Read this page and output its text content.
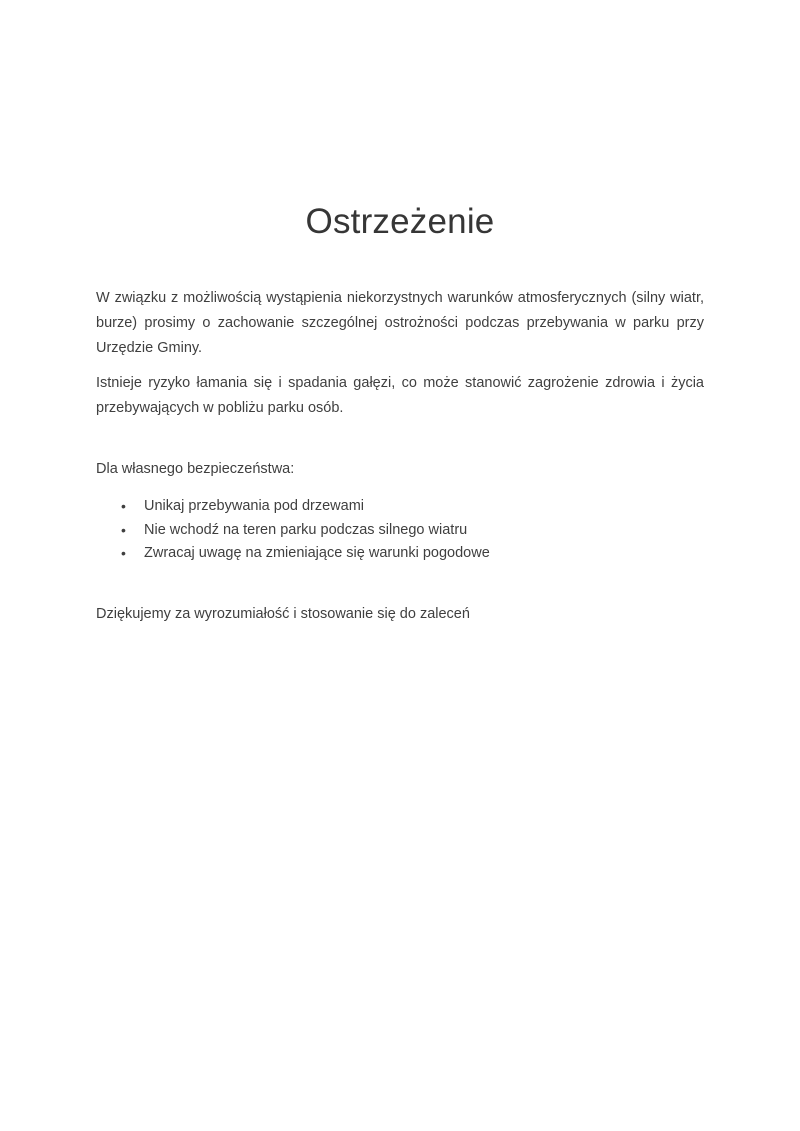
Ostrzeżenie
W związku z możliwością wystąpienia niekorzystnych warunków atmosferycznych (silny wiatr,
burze) prosimy o zachowanie szczególnej ostrożności podczas przebywania w parku przy
Urzędzie Gminy.
Istnieje ryzyko łamania się i spadania gałęzi, co może stanowić zagrożenie zdrowia i życia
przebywających w pobliżu parku osób.
Dla własnego bezpieczeństwa:
• Unikaj przebywania pod drzewami
• Nie wchodź na teren parku podczas silnego wiatru
• Zwracaj uwagę na zmieniające się warunki pogodowe
Dziękujemy za wyrozumiałość i stosowanie się do zaleceń
